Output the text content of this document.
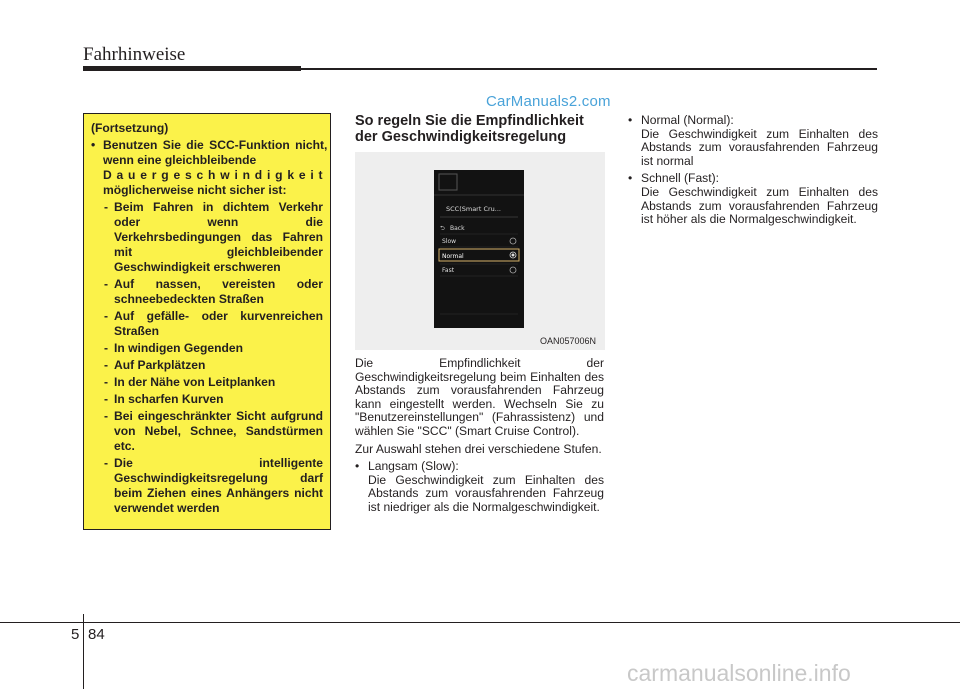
Fahrhinweise
CarManuals2.com
(Fortsetzung)
• Benutzen Sie die SCC-Funktion nicht, wenn eine gleichbleibende
Dauergeschwindigkeit
möglicherweise nicht sicher ist:
- Beim Fahren in dichtem Verkehr oder wenn die Verkehrsbedingungen das Fahren mit gleichbleibender Geschwindigkeit erschweren
- Auf nassen, vereisten oder schneebedeckten Straßen
- Auf gefälle- oder kurvenreichen Straßen
- In windigen Gegenden
- Auf Parkplätzen
- In der Nähe von Leitplanken
- In scharfen Kurven
- Bei eingeschränkter Sicht aufgrund von Nebel, Schnee, Sandstürmen etc.
- Die intelligente Geschwindigkeitsregelung darf beim Ziehen eines Anhängers nicht verwendet werden
So regeln Sie die Empfindlichkeit der Geschwindigkeitsregelung
SCC(Smart Cru...
⮌ Back
Slow
Normal
Fast
OAN057006N

Die Empfindlichkeit der Geschwindigkeitsregelung beim Einhalten des Abstands zum vorausfahrenden Fahrzeug kann eingestellt werden. Wechseln Sie zu "Benutzereinstellungen" (Fahrassistenz) und wählen Sie "SCC" (Smart Cruise Control).

Zur Auswahl stehen drei verschiedene Stufen.

• Langsam (Slow):

Die Geschwindigkeit zum Einhalten des Abstands zum vorausfahrenden Fahrzeug ist niedriger als die Normalgeschwindigkeit.

• Normal (Normal):

Die Geschwindigkeit zum Einhalten des Abstands zum vorausfahrenden Fahrzeug ist normal

• Schnell (Fast):

Die Geschwindigkeit zum Einhalten des Abstands zum vorausfahrenden Fahrzeug ist höher als die Normalgeschwindigkeit.

5 84
carmanualsonline.info
